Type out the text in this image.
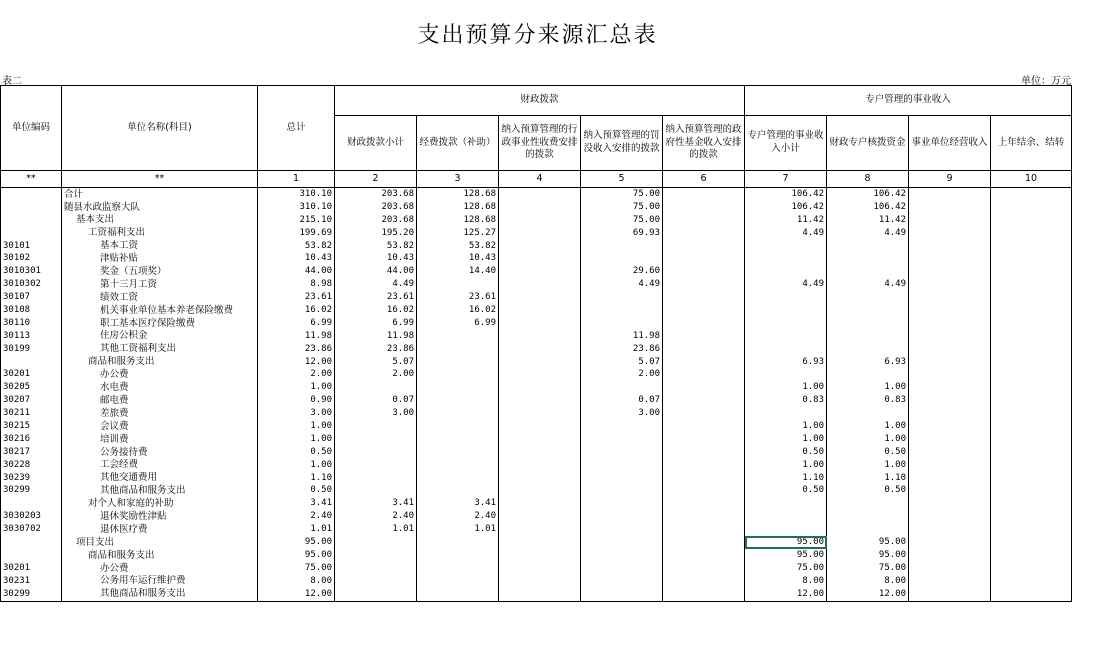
支出预算分来源汇总表
表二	单位：万元
单位编码	单位名称(科目)	总计	财政拨款					专户管理的事业收入			
			财政拨款小计	经费拨款（补助）	纳入预算管理的行政事业性收费安排的拨款	纳入预算管理的罚没收入安排的拨款	纳入预算管理的政府性基金收入安排的拨款	专户管理的事业收入小计	财政专户核拨资金	事业单位经营收入	上年结余、结转
**	**	1	2	3	4	5	6	7	8	9	10
	合计	310.10	203.68	128.68		75.00		106.42	106.42		
	随县水政监察大队	310.10	203.68	128.68		75.00		106.42	106.42		
	基本支出	215.10	203.68	128.68		75.00		11.42	11.42		
	工资福利支出	199.69	195.20	125.27		69.93		4.49	4.49		
30101	基本工资	53.82	53.82	53.82							
30102	津贴补贴	10.43	10.43	10.43							
3010301	奖金（五项奖）	44.00	44.00	14.40		29.60					
3010302	第十三月工资	8.98	4.49			4.49		4.49	4.49		
30107	绩效工资	23.61	23.61	23.61							
30108	机关事业单位基本养老保险缴费	16.02	16.02	16.02							
30110	职工基本医疗保险缴费	6.99	6.99	6.99							
30113	住房公积金	11.98	11.98			11.98					
30199	其他工资福利支出	23.86	23.86			23.86					
	商品和服务支出	12.00	5.07			5.07		6.93	6.93		
30201	办公费	2.00	2.00			2.00					
30205	水电费	1.00						1.00	1.00		
30207	邮电费	0.90	0.07			0.07		0.83	0.83		
30211	差旅费	3.00	3.00			3.00					
30215	会议费	1.00						1.00	1.00		
30216	培训费	1.00						1.00	1.00		
30217	公务接待费	0.50						0.50	0.50		
30228	工会经费	1.00						1.00	1.00		
30239	其他交通费用	1.10						1.10	1.10		
30299	其他商品和服务支出	0.50						0.50	0.50		
	对个人和家庭的补助	3.41	3.41	3.41							
3030203	退休奖励性津贴	2.40	2.40	2.40							
3030702	退休医疗费	1.01	1.01	1.01							
	项目支出	95.00						95.00	95.00		
	商品和服务支出	95.00						95.00	95.00		
30201	办公费	75.00						75.00	75.00		
30231	公务用车运行维护费	8.00						8.00	8.00		
30299	其他商品和服务支出	12.00						12.00	12.00		
